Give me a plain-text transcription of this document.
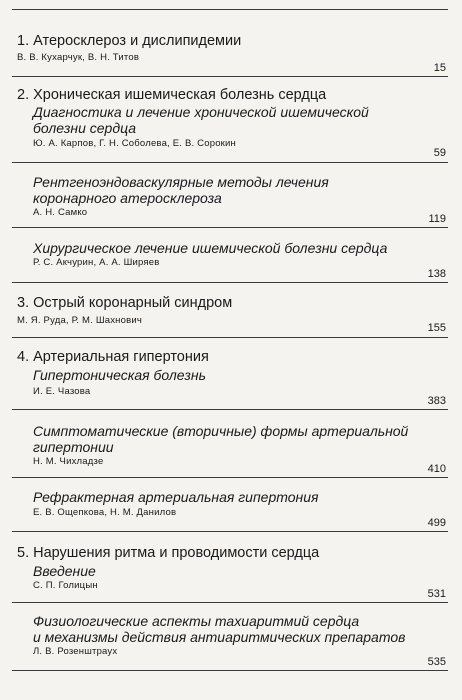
1. Атеросклероз и дислипидемии
В. В. Кухарчук, В. Н. Титов
15
2. Хроническая ишемическая болезнь сердца
Диагностика и лечение хронической ишемической
болезни сердца
Ю. А. Карпов, Г. Н. Соболева, Е. В. Сорокин
59
Рентгеноэндоваскулярные методы лечения
коронарного атеросклероза
А. Н. Самко
119
Хирургическое лечение ишемической болезни сердца
Р. С. Акчурин, А. А. Ширяев
138
3. Острый коронарный синдром
М. Я. Руда, Р. М. Шахнович
155
4. Артериальная гипертония
Гипертоническая болезнь
И. Е. Чазова
383
Симптоматические (вторичные) формы артериальной
гипертонии
Н. М. Чихладзе
410
Рефрактерная артериальная гипертония
Е. В. Ощепкова, Н. М. Данилов
499
5. Нарушения ритма и проводимости сердца
Введение
С. П. Голицын
531
Физиологические аспекты тахиаритмий сердца
и механизмы действия антиаритмических препаратов
Л. В. Розенштраух
535
